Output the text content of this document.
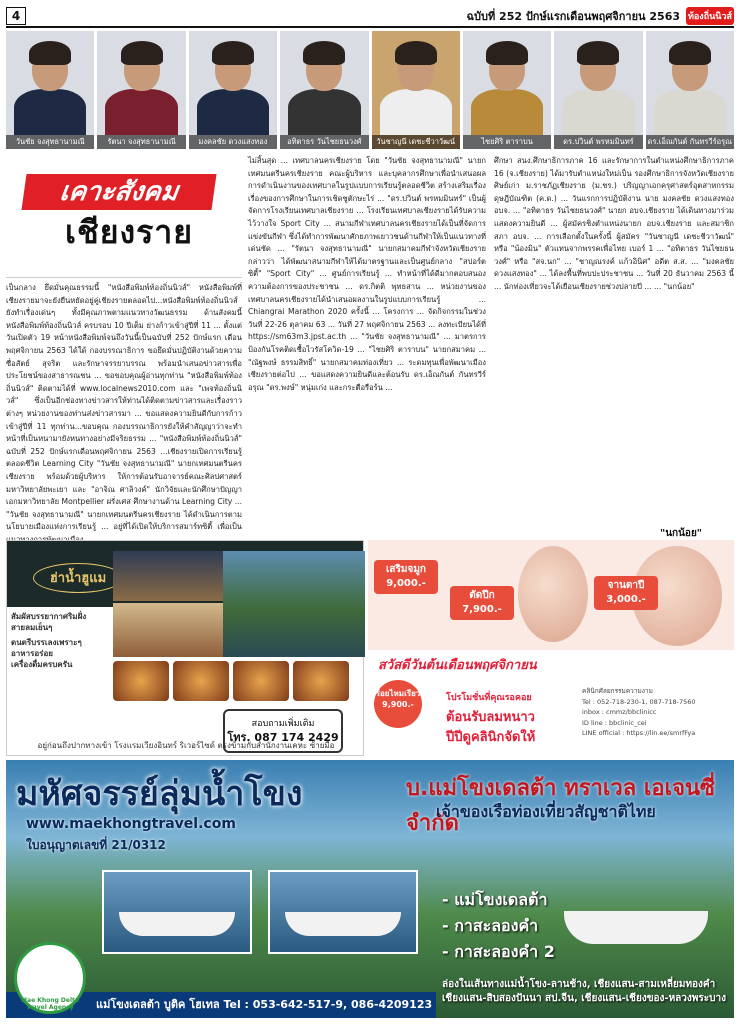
4	ฉบับที่ 252 ปักษ์แรกเดือนพฤศจิกายน 2563 ท้องถิ่นนิวส์
วันชัย จงสุทธานามณี	รัตนา จงสุทธานามณี	มงคลชัย ดวงแสงทอง	อทิตาธร วันไชยธนวงศ์	วันชาญนี เดชะชีวาวัฒน์	ไชยศิริ ตาราบน	ดร.ปวินต์ พรหมมินทร์	ดร.เอ็ณกันต์ กันทรวีร์อรุณ
เคาะสังคม
เชียงราย

เป็นกลาง ยึดมั่นคุณธรรมนี้ "หนังสือพิมพ์ท้องถิ่นนิวส์" หนังสือพิมพ์ที่เชียงรายมาจะยังยืนหยัดอยู่คู่เชียงรายตลอดไป...หนังสือพิมพ์ท้องถิ่นนิวส์ ยังทำเรื่องเด่นๆ ทั้งมีคุณภาพตามแนวทางวัฒนธรรม ด้านสังคมนี้ หนังสือพิมพ์ท้องถิ่นนิวส์ ครบรอบ 10 ปีเต็ม ย่างก้าวเข้าสู่ปีที่ 11 ... ตั้งแต่วันเปิดตัว 19 หน้าหนังสือพิมพ์จนถึงวันนี้เป็นฉบับที่ 252 ปักษ์แรก เดือนพฤศจิกายน 2563 ได้ใด้ กองบรรณาธิการ ขอยึดมั่นปฏิบัติงานด้วยความซื่อสัตย์ สุจริต และรักษาจรรยาบรรณ พร้อมนำเสนอข่าวสารเพื่อประโยชน์ของสาธารณชน ... ขอขอบคุณผู้อ่านทุกท่าน "หนังสือพิมพ์ท้องถิ่นนิวส์" ติดตามได้ที่ www.localnews2010.com และ "เพจท้องถิ่นนิวส์" ซึ่งเป็นอีกช่องทางข่าวสารให้ท่านได้ติดตามข่าวสารและเรื่องราวต่างๆ หน่วยงานของท่านส่งข่าวสารมา ... ขอแสดงความยินดีกับการก้าวเข้าสู่ปีที่ 11 ทุกท่าน...ขอบคุณ กองบรรณาธิการยังให้คำสัญญาว่าจะทำหน้าที่เป็นหนามายังหนทางอย่างมีจริยธรรม ... "หนังสือพิมพ์ท้องถิ่นนิวส์" ฉบับที่ 252 ปักษ์แรกเดือนพฤศจิกายน 2563 ...เชียงรายเปิดการเรียนรู้ตลอดชีวิต Learning City "วันชัย จงสุทธานามณี" นายกเทศมนตรีนครเชียงราย พร้อมด้วยผู้บริหาร ให้การต้อนรับอาจารย์คณะศิลปศาสตร์ มหาวิทยาลัยพะเยา และ "อาจิณ ศาลิวงค์" นักวิจัยและนักศึกษาปัญญาเอกมหาวิทยาลัย Montpellier ฝรั่งเศส ศึกษางานด้าน Learning City ... "วันชัย จงสุทธานามณี" นายกเทศมนตรีนครเชียงราย ได้ดำเนินการตามนโยบายเมืองแห่งการเรียนรู้ ... อยู่ที่ได้เปิดให้บริการสมาร์ทซิตี้ เพื่อเป็น

ไม่สิ้นสุด ... เทศบาลนครเชียงราย โดย "วันชัย จงสุทธานามณี" นายกเทศมนตรีนครเชียงราย คณะผู้บริหาร และบุคลากรศึกษาเพื่อนำเสนอผลการดำเนินงานของเทศบาลในรูปแบบการเรียนรู้ตลอดชีวิต สร้างเสริมเรื่องเรื่องของการศึกษาในการเชิดชูตักษะไร่ ... "ดร.ปวินต์ พรหมมินทร์" เป็นผู้จัดการโรงเรียนเทศบาลเชียงราย ... โรงเรียนเทศบาลเชียงรายได้รับความไว้วางใจ Sport City ... สนามกีฬาเทศบาลนครเชียงรายได้เป็นที่จัดการแข่งขันกีฬา ซึ่งได้ทำการพัฒนาศักยภาพเยาวชนด้านกีฬาให้เป็นแนวทางที่เด่นชัด ... "รัตนา จงสุทธานามณี" นายกสมาคมกีฬาจังหวัดเชียงราย กล่าวว่า ได้พัฒนาสนามกีฬาให้ได้มาตรฐานและเป็นศูนย์กลาง "สปอร์ตซิตี้" "Sport City" ... ศูนย์การเรียนรู้ ... ทำหน้าที่ได้ดีมากตอบสนองความต้องการของประชาชน ... ดร.กิตติ พุทธสาน ... หน่วยงานของเทศบาลนครเชียงรายได้นำเสนอผลงานในรูปแบบการเรียนรู้ ... Chiangrai Marathon 2020 ครั้งนี้ ... โครงการ ... จัดกิจกรรมในช่วงวันที่ 22-26 ตุลาคม 63 ... วันที่ 27 พฤศจิกายน 2563 ... ลงทะเบียนได้ที่ https://sm63m3.jpst.ac.th ... "วันชัย จงสุทธานามณี" ... มาตรการป้องกันโรคติดเชื้อไวรัสโควิด-19 ... "ไชยศิริ ตาราบน" นายกสมาคม ... "ณัฐพงษ์ ธรรมสิทธิ์" นายกสมาคมท่องเที่ยว ... ระดมทุนเพื่อพัฒนาเมืองเชียงรายต่อไป ... ขอแสดงความยินดีและต้อนรับ ดร.เอ็ณกันต์ กันทรวีร์อรุณ "ดร.พงษ์" หนุ่มเก่ง และกระตือรือร้น ...

ศึกษา สนง.ศึกษาธิการภาค 16 และรักษาการในตำแหน่งศึกษาธิการภาค 16 (จ.เชียงราย) ได้มารับตำแหน่งใหม่เป็น รองศึกษาธิการจังหวัดเชียงราย ศิษย์เก่า ม.ราชภัฏเชียงราย (ม.ชร.) ปริญญาเอกครุศาสตร์อุตสาหกรรมดุษฎีบัณฑิต (ค.ด.) ... วันแรกการปฏิบัติงาน นาย มงคลชัย ดวงแสงทอง อบจ. ... "อทิตาธร วันไชยธนวงศ์" นายก อบจ.เชียงราย ได้เดินทางมาร่วมแสดงความยินดี ... ผู้สมัครชิงตำแหน่งนายก อบจ.เชียงราย และสมาชิกสภา อบจ. ... การเลือกตั้งในครั้งนี้ ผู้สมัคร "วันชาญนี เดชะชีวาวัฒน์" หรือ "น้องมิน" ตัวแทนจากพรรคเพื่อไทย เบอร์ 1 ... "อทิตาธร วันไชยธนวงศ์" หรือ "สจ.นก" ... "ชาญณรงค์ แก้วอินิศ" อดีต ส.ส. ... "มงคลชัย ดวงแสงทอง" ... ได้ลงพื้นที่พบปะประชาชน ... วันที่ 20 ธันวาคม 2563 นี้ ... นักท่องเที่ยวจะได้เยือนเชียงรายช่วงปลายปี ... ... "นกน้อย"

"นกน้อย"
ฮ่าน้ำฮูแม
สัมผัสบรรยากาศริมฝั่ง
สายลมเย็นๆ
ดนตรีบรรเลงเพราะๆ
อาหารอร่อย
เครื่องดื่มครบครัน
สอบถามเพิ่มเติม
โทร. 087 174 2429
อยู่ก่อนถึงปากทางเข้า โรงแรมเวียงอินทร์ ริเวอร์ไซด์ ตรงข้ามกับสำนักงานเคหะ ซ้ายมือ
เสริมจมูก 9,000.-
ตัดปีก 7,900.-
จานตาปี 3,000.-
สวัสดีวันต้นเดือนพฤศจิกายน
ร้อยไหมเรียว 9,900.-
โปรโมชั่นที่คุณรอคอย
ต้อนรับลมหนาว
ปีปีดูคลินิกจัดให้
คลินิกศัลยกรรมความงาม
Tel : 052-718-230-1, 087-718-7560
inbox : cmmz/bbclinicc
ID line : bbclinic_cei
LINE official : https://lin.ee/smrfFya
มหัศจรรย์ลุ่มน้ำโขง
www.maekhongtravel.com
ใบอนุญาตเลขที่ 21/0312
บ.แม่โขงเดลต้า ทราเวล เอเจนซี่ จำกัด
เจ้าของเรือท่องเที่ยวสัญชาติไทย
- แม่โขงเดลต้า
- กาสะลองคำ
- กาสะลองคำ 2
ล่องในเส้นทางแม่น้ำโขง-ลานช้าง, เชียงแสน-สามเหลี่ยมทองคำ เชียงแสน-สิบสองปันนา สป.จีน, เชียงแสน-เชียงของ-หลวงพระบาง
แม่โขงเดลต้า บูติค โฮเทล Tel : 053-642-517-9, 086-4209123
Mae Khong Delta Travel Agency
